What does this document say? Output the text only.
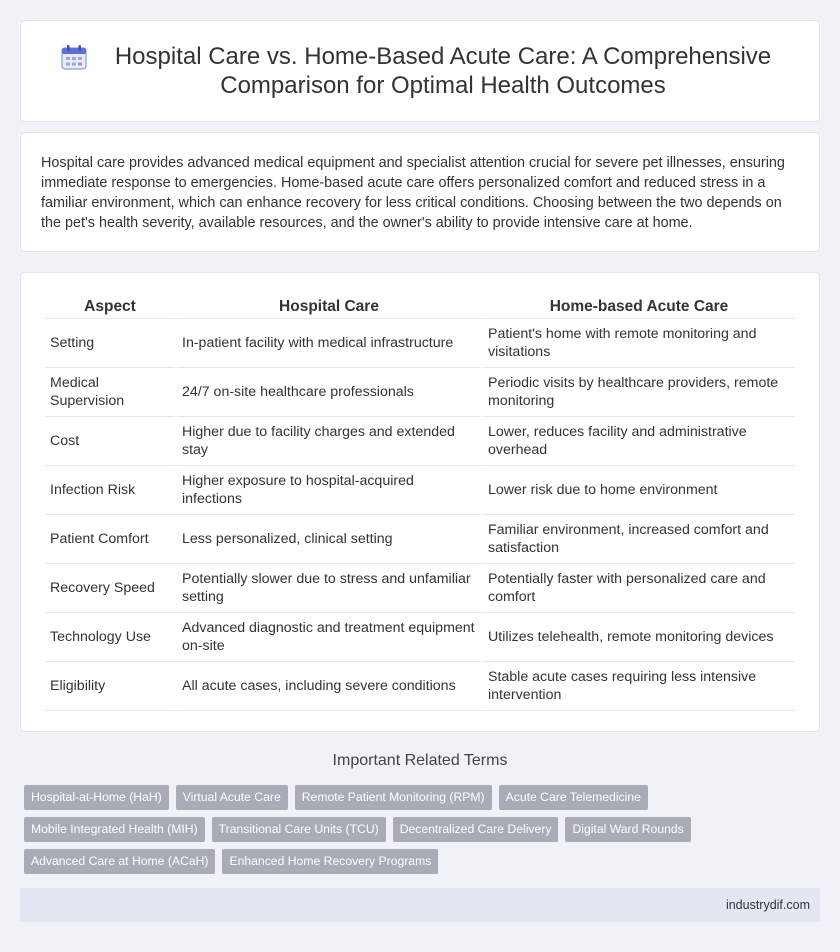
Hospital Care vs. Home-Based Acute Care: A Comprehensive Comparison for Optimal Health Outcomes

Hospital care provides advanced medical equipment and specialist attention crucial for severe pet illnesses, ensuring immediate response to emergencies. Home-based acute care offers personalized comfort and reduced stress in a familiar environment, which can enhance recovery for less critical conditions. Choosing between the two depends on the pet's health severity, available resources, and the owner's ability to provide intensive care at home.

Aspect	Hospital Care	Home-based Acute Care
Setting	In-patient facility with medical infrastructure	Patient's home with remote monitoring and visitations
Medical Supervision	24/7 on-site healthcare professionals	Periodic visits by healthcare providers, remote monitoring
Cost	Higher due to facility charges and extended stay	Lower, reduces facility and administrative overhead
Infection Risk	Higher exposure to hospital-acquired infections	Lower risk due to home environment
Patient Comfort	Less personalized, clinical setting	Familiar environment, increased comfort and satisfaction
Recovery Speed	Potentially slower due to stress and unfamiliar setting	Potentially faster with personalized care and comfort
Technology Use	Advanced diagnostic and treatment equipment on-site	Utilizes telehealth, remote monitoring devices
Eligibility	All acute cases, including severe conditions	Stable acute cases requiring less intensive intervention
Important Related Terms
Hospital-at-Home (HaH)	Virtual Acute Care	Remote Patient Monitoring (RPM)	Acute Care Telemedicine
Mobile Integrated Health (MIH)	Transitional Care Units (TCU)	Decentralized Care Delivery	Digital Ward Rounds
Advanced Care at Home (ACaH)	Enhanced Home Recovery Programs
industrydif.com
